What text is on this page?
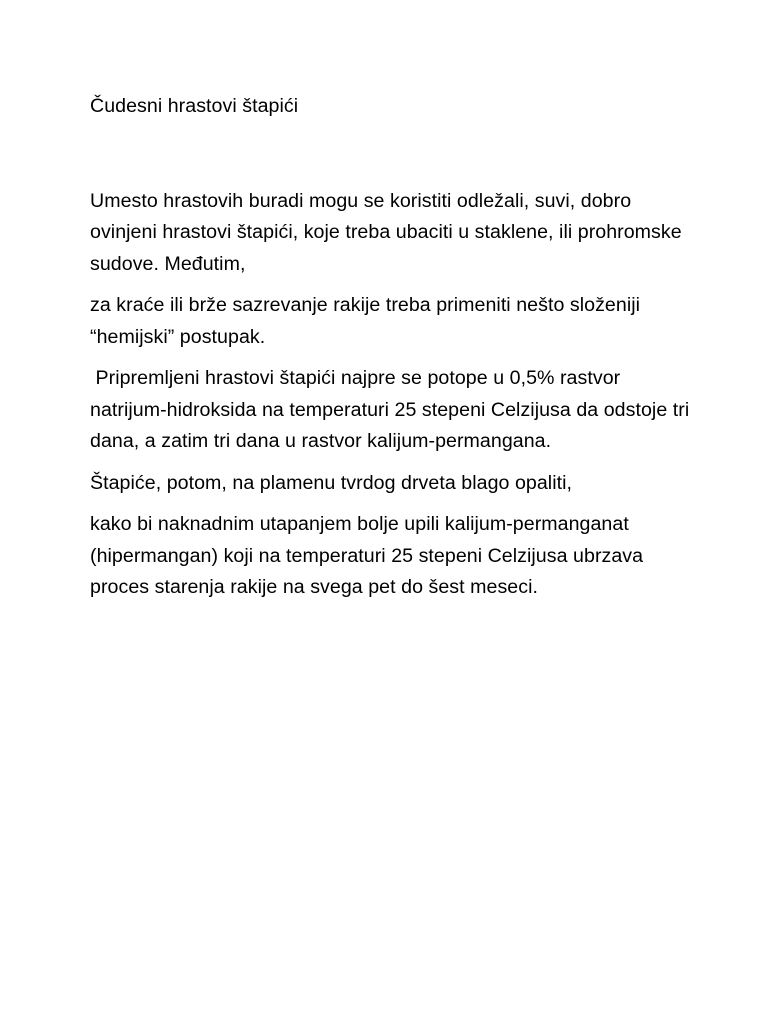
Čudesni hrastovi štapići

Umesto hrastovih buradi mogu se koristiti odležali, suvi, dobro ovinjeni hrastovi štapići, koje treba ubaciti u staklene, ili prohromske sudove. Međutim,

za kraće ili brže sazrevanje rakije treba primeniti nešto složeniji “hemijski” postupak.

Pripremljeni hrastovi štapići najpre se potope u 0,5% rastvor natrijum-hidroksida na temperaturi 25 stepeni Celzijusa da odstoje tri dana, a zatim tri dana u rastvor kalijum-permangana.

Štapiće, potom, na plamenu tvrdog drveta blago opaliti,

kako bi naknadnim utapanjem bolje upili kalijum-permanganat (hipermangan) koji na temperaturi 25 stepeni Celzijusa ubrzava proces starenja rakije na svega pet do šest meseci.
